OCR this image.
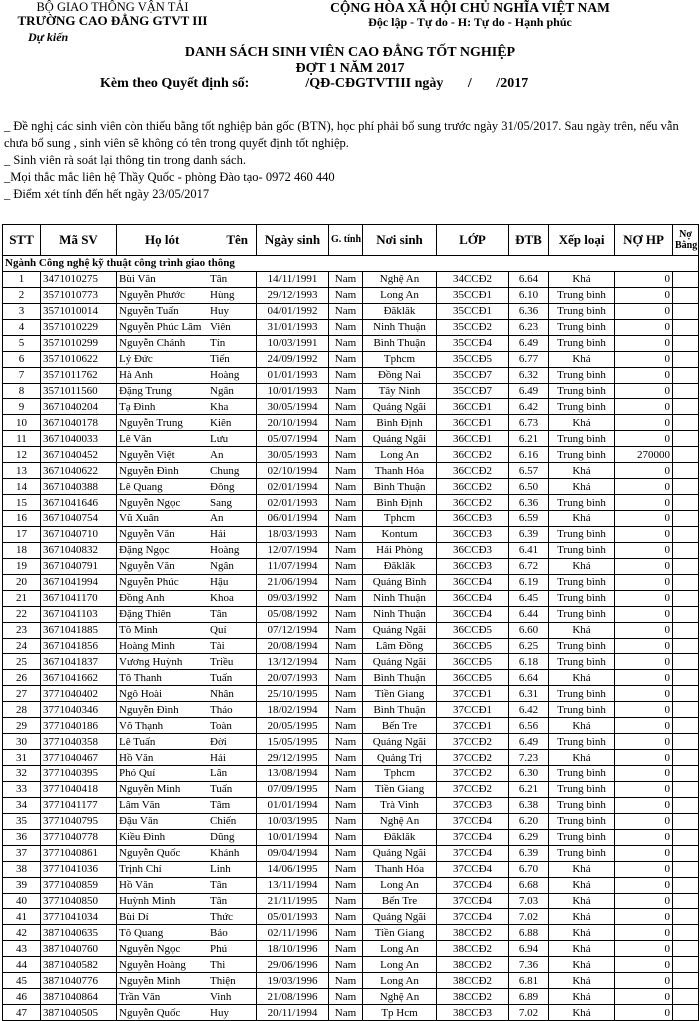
BỘ GIAO THÔNG VẬN TẢI
TRƯỜNG CAO ĐẲNG GTVT III
Dự kiến
CỘNG HÒA XÃ HỘI CHỦ NGHĨA VIỆT NAM
Độc lập - Tự do - H: Tự do - Hạnh phúc
DANH SÁCH SINH VIÊN CAO ĐẲNG TỐT NGHIỆP
ĐỢT 1 NĂM 2017
Kèm theo Quyết định số:                /QĐ-CĐGTVTIII ngày       /       /2017

_ Đề nghị các sinh viên còn thiếu bằng tốt nghiệp bản gốc (BTN), học phí phải bổ sung trước ngày 31/05/2017. Sau ngày trên, nếu vẫn chưa bổ sung , sinh viên sẽ không có tên trong quyết định tốt nghiệp.

_ Sinh viên rà soát lại thông tin trong danh sách.

_Mọi thắc mắc liên hệ Thầy Quốc - phòng Đào tạo- 0972 460 440

_ Điểm xét tính đến hết ngày 23/05/2017

STT	Mã SV	Họ lót Tên	Ngày sinh	G. tính	Nơi sinh	LỚP	ĐTB	Xếp loại	NỢ HP	Nợ Bằng
Ngành Công nghệ kỹ thuật công trình giao thông										
1	3471010275	Bùi Văn Tân	14/11/1991	Nam	Nghệ An	34CCĐ2	6.64	Khá	0	
2	3571010773	Nguyễn Phước Hùng	29/12/1993	Nam	Long An	35CCĐ1	6.10	Trung bình	0	
3	3571010014	Nguyễn Tuấn Huy	04/01/1992	Nam	Đăklăk	35CCĐ1	6.36	Trung bình	0	
4	3571010229	Nguyễn Phúc Lâm Viên	31/01/1993	Nam	Ninh Thuận	35CCĐ2	6.23	Trung bình	0	
5	3571010299	Nguyễn Chánh Tín	10/03/1991	Nam	Bình Thuận	35CCĐ4	6.49	Trung bình	0	
6	3571010622	Lý Đức Tiến	24/09/1992	Nam	Tphcm	35CCĐ5	6.77	Khá	0	
7	3571011762	Hà Anh Hoàng	01/01/1993	Nam	Đồng Nai	35CCĐ7	6.32	Trung bình	0	
8	3571011560	Đặng Trung Ngân	10/01/1993	Nam	Tây Ninh	35CCĐ7	6.49	Trung bình	0	
9	3671040204	Tạ Đình Kha	30/05/1994	Nam	Quảng Ngãi	36CCĐ1	6.42	Trung bình	0	
10	3671040178	Nguyễn Trung Kiên	20/10/1994	Nam	Bình Định	36CCĐ1	6.73	Khá	0	
11	3671040033	Lê Văn Lưu	05/07/1994	Nam	Quảng Ngãi	36CCĐ1	6.21	Trung bình	0	
12	3671040452	Nguyễn Việt An	30/05/1993	Nam	Long An	36CCĐ2	6.16	Trung bình	270000	
13	3671040622	Nguyễn Đình Chung	02/10/1994	Nam	Thanh Hóa	36CCĐ2	6.57	Khá	0	
14	3671040388	Lê Quang Đông	02/01/1994	Nam	Bình Thuận	36CCĐ2	6.50	Khá	0	
15	3671041646	Nguyễn Ngọc Sang	02/01/1993	Nam	Bình Định	36CCĐ2	6.36	Trung bình	0	
16	3671040754	Vũ Xuân An	06/01/1994	Nam	Tphcm	36CCĐ3	6.59	Khá	0	
17	3671040710	Nguyễn Văn Hải	18/03/1993	Nam	Kontum	36CCĐ3	6.39	Trung bình	0	
18	3671040832	Đặng Ngọc Hoàng	12/07/1994	Nam	Hải Phòng	36CCĐ3	6.41	Trung bình	0	
19	3671040791	Nguyễn Văn Ngân	11/07/1994	Nam	Đăklăk	36CCĐ3	6.72	Khá	0	
20	3671041994	Nguyễn Phúc Hậu	21/06/1994	Nam	Quảng Bình	36CCĐ4	6.19	Trung bình	0	
21	3671041170	Đồng Anh Khoa	09/03/1992	Nam	Ninh Thuận	36CCĐ4	6.45	Trung bình	0	
22	3671041103	Đặng Thiên Tân	05/08/1992	Nam	Ninh Thuận	36CCĐ4	6.44	Trung bình	0	
23	3671041885	Tô Minh Quí	07/12/1994	Nam	Quảng Ngãi	36CCĐ5	6.60	Khá	0	
24	3671041856	Hoàng Minh Tài	20/08/1994	Nam	Lâm Đồng	36CCĐ5	6.25	Trung bình	0	
25	3671041837	Vương Huỳnh Triều	13/12/1994	Nam	Quảng Ngãi	36CCĐ5	6.18	Trung bình	0	
26	3671041662	Tô Thanh Tuấn	20/07/1993	Nam	Bình Thuận	36CCĐ5	6.64	Khá	0	
27	3771040402	Ngô Hoài Nhân	25/10/1995	Nam	Tiền Giang	37CCĐ1	6.31	Trung bình	0	
28	3771040346	Nguyễn Đình Thảo	18/02/1994	Nam	Bình Thuận	37CCĐ1	6.42	Trung bình	0	
29	3771040186	Võ Thạnh Toàn	20/05/1995	Nam	Bến Tre	37CCĐ1	6.56	Khá	0	
30	3771040358	Lê Tuấn Đời	15/05/1995	Nam	Quảng Ngãi	37CCĐ2	6.49	Trung bình	0	
31	3771040467	Hồ Văn Hải	29/12/1995	Nam	Quảng Trị	37CCĐ2	7.23	Khá	0	
32	3771040395	Phó Quí Lân	13/08/1994	Nam	Tphcm	37CCĐ2	6.30	Trung bình	0	
33	3771040418	Nguyễn Minh Tuấn	07/09/1995	Nam	Tiền Giang	37CCĐ2	6.21	Trung bình	0	
34	3771041177	Lâm Văn Tâm	01/01/1994	Nam	Trà Vinh	37CCĐ3	6.38	Trung bình	0	
35	3771040795	Đậu Văn Chiến	10/03/1995	Nam	Nghệ An	37CCĐ4	6.20	Trung bình	0	
36	3771040778	Kiều Đình Dũng	10/01/1994	Nam	Đăklăk	37CCĐ4	6.29	Trung bình	0	
37	3771040861	Nguyễn Quốc Khánh	09/04/1994	Nam	Quảng Ngãi	37CCĐ4	6.39	Trung bình	0	
38	3771041036	Trịnh Chí Linh	14/06/1995	Nam	Thanh Hóa	37CCĐ4	6.70	Khá	0	
39	3771040859	Hồ Văn Tân	13/11/1994	Nam	Long An	37CCĐ4	6.68	Khá	0	
40	3771040850	Huỳnh Minh Tân	21/11/1995	Nam	Bến Tre	37CCĐ4	7.03	Khá	0	
41	3771041034	Bùi Dí Thức	05/01/1993	Nam	Quảng Ngãi	37CCĐ4	7.02	Khá	0	
42	3871040635	Tô Quang Bảo	02/11/1996	Nam	Tiền Giang	38CCĐ2	6.88	Khá	0	
43	3871040760	Nguyễn Ngọc Phú	18/10/1996	Nam	Long An	38CCĐ2	6.94	Khá	0	
44	3871040582	Nguyễn Hoàng Thi	29/06/1996	Nam	Long An	38CCĐ2	7.36	Khá	0	
45	3871040776	Nguyễn Minh Thiện	19/03/1996	Nam	Long An	38CCĐ2	6.81	Khá	0	
46	3871040864	Trần Văn Vinh	21/08/1996	Nam	Nghệ An	38CCĐ2	6.89	Khá	0	
47	3871040505	Nguyễn Quốc Huy	20/11/1994	Nam	Tp Hcm	38CCĐ3	7.02	Khá	0	
